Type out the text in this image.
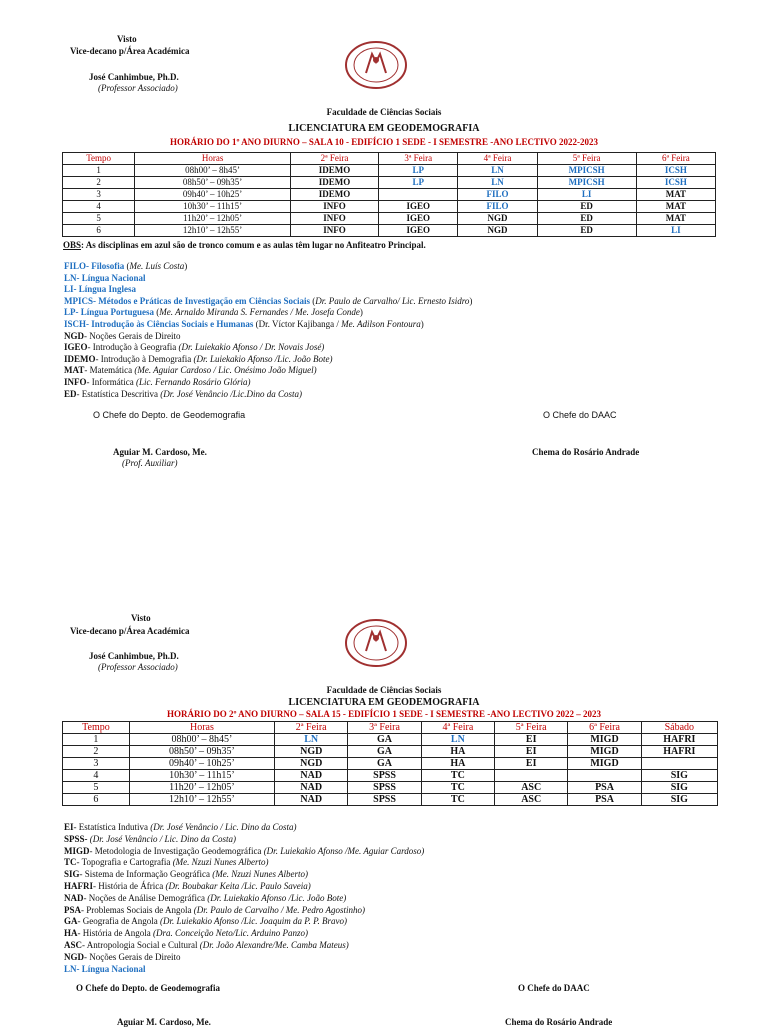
Visto
Vice-decano p/Área Académica
José Canhimbue, Ph.D.
(Professor Associado)
Faculdade de Ciências Sociais
LICENCIATURA EM GEODEMOGRAFIA
HORÁRIO DO 1º ANO DIURNO – SALA 10 - EDIFÍCIO 1 SEDE - I SEMESTRE -ANO LECTIVO 2022-2023
Tempo	Horas	2ª Feira	3ª Feira	4ª Feira	5ª Feira	6ª Feira
1	08h00’ – 8h45’	IDEMO	LP	LN	MPICSH	ICSH
2	08h50’ – 09h35’	IDEMO	LP	LN	MPICSH	ICSH
3	09h40’ – 10h25’	IDEMO		FILO	LI	MAT
4	10h30’ – 11h15’	INFO	IGEO	FILO	ED	MAT
5	11h20’ – 12h05’	INFO	IGEO	NGD	ED	MAT
6	12h10’ – 12h55’	INFO	IGEO	NGD	ED	LI
OBS: As disciplinas em azul são de tronco comum e as aulas têm lugar no Anfiteatro Principal.
FILO- Filosofia (Me. Luís Costa)
LN- Língua Nacional
LI- Língua Inglesa
MPICS- Métodos e Práticas de Investigação em Ciências Sociais (Dr. Paulo de Carvalho/ Lic. Ernesto Isidro)
LP- Língua Portuguesa (Me. Arnaldo Miranda S. Fernandes / Me. Josefa Conde)
ISCH- Introdução às Ciências Sociais e Humanas (Dr. Víctor Kajibanga / Me. Adilson Fontoura)
NGD- Noções Gerais de Direito
IGEO- Introdução à Geografia (Dr. Luiekakio Afonso / Dr. Novais José)
IDEMO- Introdução à Demografia (Dr. Luiekakio Afonso /Lic. João Bote)
MAT- Matemática (Me. Aguiar Cardoso / Lic. Onésimo João Miguel)
INFO- Informática (Lic. Fernando Rosário Glória)
ED- Estatística Descritiva (Dr. José Venâncio /Lic.Dino da Costa)
O Chefe do Depto. de Geodemografia	O Chefe do DAAC
Aguiar M. Cardoso, Me.
(Prof. Auxiliar)
Chema do Rosário Andrade
Visto
Vice-decano p/Área Académica
José Canhimbue, Ph.D.
(Professor Associado)
Faculdade de Ciências Sociais
LICENCIATURA EM GEODEMOGRAFIA
HORÁRIO DO 2º ANO DIURNO – SALA 15 - EDIFÍCIO 1 SEDE - I SEMESTRE -ANO LECTIVO 2022 – 2023
Tempo	Horas	2ª Feira	3ª Feira	4ª Feira	5ª Feira	6ª Feira	Sábado
1	08h00’ – 8h45’	LN	GA	LN	EI	MIGD	HAFRI
2	08h50’ – 09h35’	NGD	GA	HA	EI	MIGD	HAFRI
3	09h40’ – 10h25’	NGD	GA	HA	EI	MIGD	
4	10h30’ – 11h15’	NAD	SPSS	TC			SIG
5	11h20’ – 12h05’	NAD	SPSS	TC	ASC	PSA	SIG
6	12h10’ – 12h55’	NAD	SPSS	TC	ASC	PSA	SIG
EI- Estatística Indutiva (Dr. José Venâncio / Lic. Dino da Costa)
SPSS- (Dr. José Venâncio / Lic. Dino da Costa)
MIGD- Metodologia de Investigação Geodemográfica (Dr. Luiekakio Afonso /Me. Aguiar Cardoso)
TC- Topografia e Cartografia (Me. Nzuzi Nunes Alberto)
SIG- Sistema de Informação Geográfica (Me. Nzuzi Nunes Alberto)
HAFRI- História de África (Dr. Boubakar Keita /Lic. Paulo Saveia)
NAD- Noções de Análise Demográfica (Dr. Luiekakio Afonso /Lic. João Bote)
PSA- Problemas Sociais de Angola (Dr. Paulo de Carvalho / Me. Pedro Agostinho)
GA- Geografia de Angola (Dr. Luiekakio Afonso /Lic. Joaquim da P. P. Bravo)
HA- História de Angola (Dra. Conceição Neto/Lic. Arduino Panzo)
ASC- Antropologia Social e Cultural (Dr. João Alexandre/Me. Camba Mateus)
NGD- Noções Gerais de Direito
LN- Língua Nacional
O Chefe do Depto. de Geodemografia	O Chefe do DAAC
Aguiar M. Cardoso, Me.	Chema do Rosário Andrade
